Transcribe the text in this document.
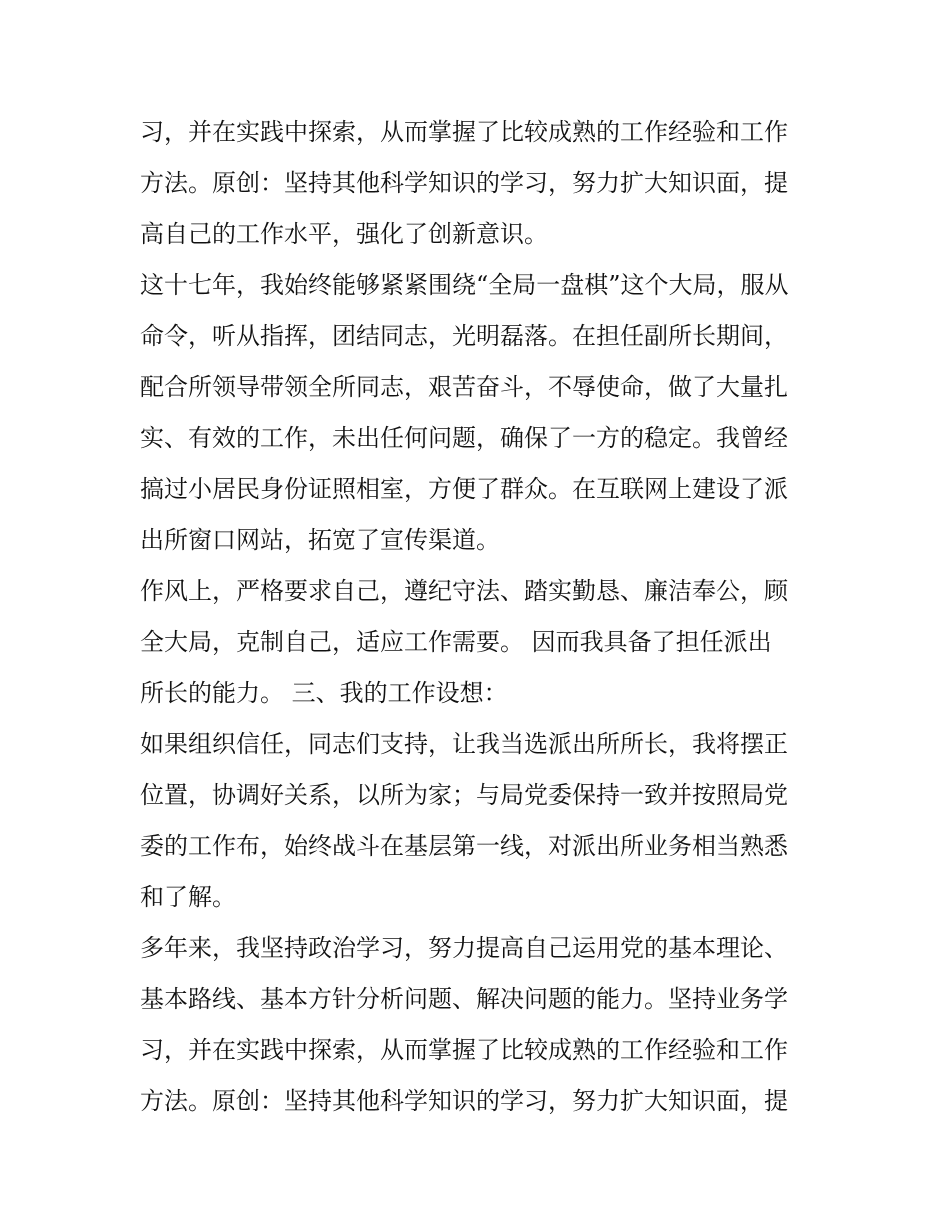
习，并在实践中探索，从而掌握了比较成熟的工作经验和工作
方法。原创：坚持其他科学知识的学习，努力扩大知识面，提
高自己的工作水平，强化了创新意识。
这十七年，我始终能够紧紧围绕“全局一盘棋”这个大局，服从
命令，听从指挥，团结同志，光明磊落。在担任副所长期间，
配合所领导带领全所同志，艰苦奋斗，不辱使命，做了大量扎
实、有效的工作，未出任何问题，确保了一方的稳定。我曾经
搞过小居民身份证照相室，方便了群众。在互联网上建设了派
出所窗口网站，拓宽了宣传渠道。
作风上，严格要求自己，遵纪守法、踏实勤恳、廉洁奉公，顾
全大局，克制自己，适应工作需要。 因而我具备了担任派出
所长的能力。 三、我的工作设想：
如果组织信任，同志们支持，让我当选派出所所长，我将摆正
位置，协调好关系，以所为家；与局党委保持一致并按照局党
委的工作布，始终战斗在基层第一线，对派出所业务相当熟悉
和了解。
多年来，我坚持政治学习，努力提高自己运用党的基本理论、
基本路线、基本方针分析问题、解决问题的能力。坚持业务学
习，并在实践中探索，从而掌握了比较成熟的工作经验和工作
方法。原创：坚持其他科学知识的学习，努力扩大知识面，提
